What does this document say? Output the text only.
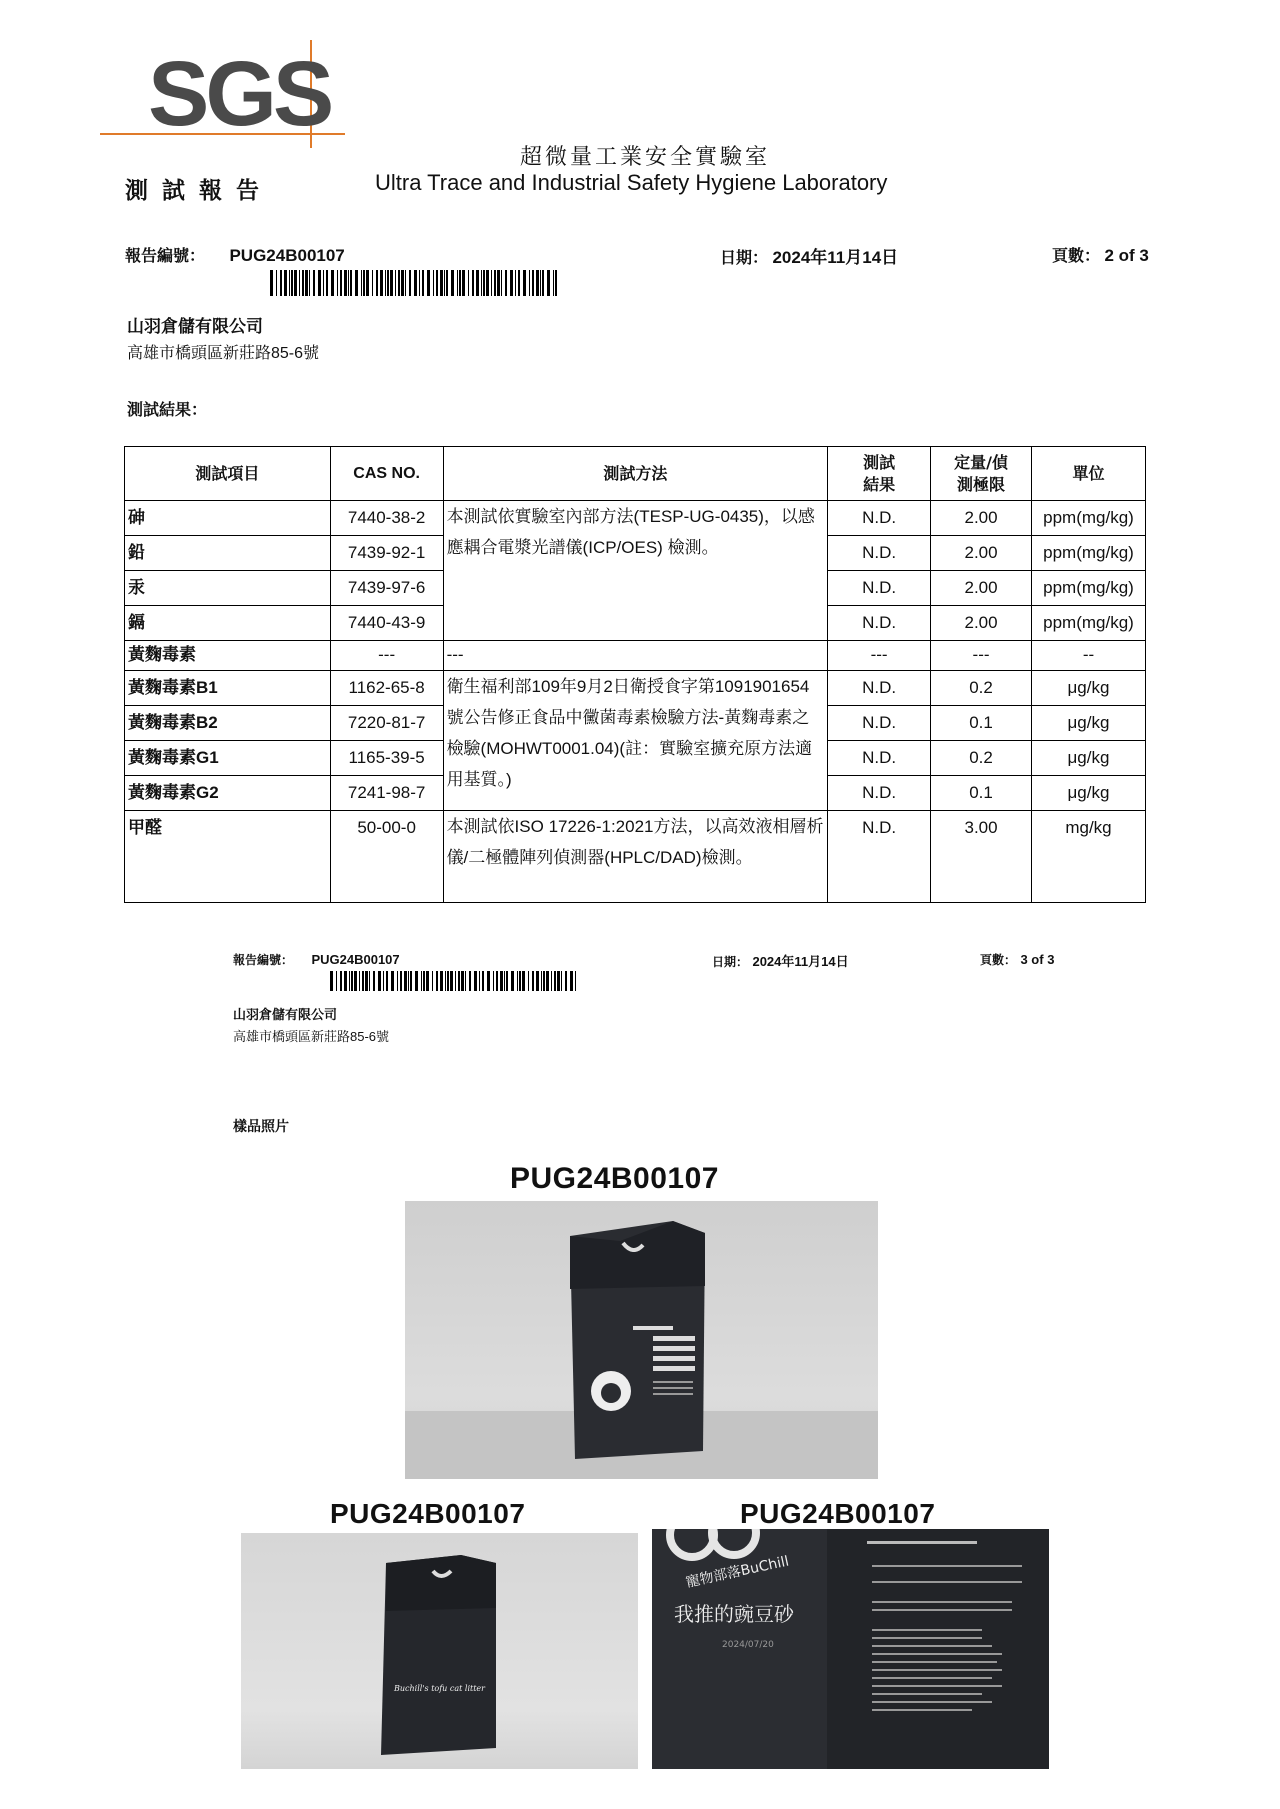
SGS
超微量工業安全實驗室
測試報告	Ultra Trace and Industrial Safety Hygiene Laboratory
報告編號： PUG24B00107	日期： 2024年11月14日	頁數： 2 of 3
山羽倉儲有限公司
高雄市橋頭區新莊路85-6號
測試結果：
測試項目	CAS NO.	測試方法	測試結果	定量/偵測極限	單位
砷	7440-38-2	本測試依實驗室內部方法(TESP-UG-0435)，以感應耦合電漿光譜儀(ICP/OES) 檢測。	N.D.	2.00	ppm(mg/kg)
鉛	7439-92-1		N.D.	2.00	ppm(mg/kg)
汞	7439-97-6		N.D.	2.00	ppm(mg/kg)
鎘	7440-43-9		N.D.	2.00	ppm(mg/kg)
黃麴毒素	---	---	---	---	--
黃麴毒素B1	1162-65-8	衛生福利部109年9月2日衛授食字第1091901654號公告修正食品中黴菌毒素檢驗方法-黃麴毒素之檢驗(MOHWT0001.04)(註：實驗室擴充原方法適用基質。)	N.D.	0.2	μg/kg
黃麴毒素B2	7220-81-7		N.D.	0.1	μg/kg
黃麴毒素G1	1165-39-5		N.D.	0.2	μg/kg
黃麴毒素G2	7241-98-7		N.D.	0.1	μg/kg
甲醛	50-00-0	本測試依ISO 17226-1:2021方法，以高效液相層析儀/二極體陣列偵測器(HPLC/DAD)檢測。	N.D.	3.00	mg/kg
報告編號： PUG24B00107	日期： 2024年11月14日	頁數： 3 of 3
山羽倉儲有限公司
高雄市橋頭區新莊路85-6號
樣品照片
PUG24B00107
PUG24B00107
Buchill's tofu cat litter
PUG24B00107
寵物部落BuChill
我推的豌豆砂
2024/07/20
